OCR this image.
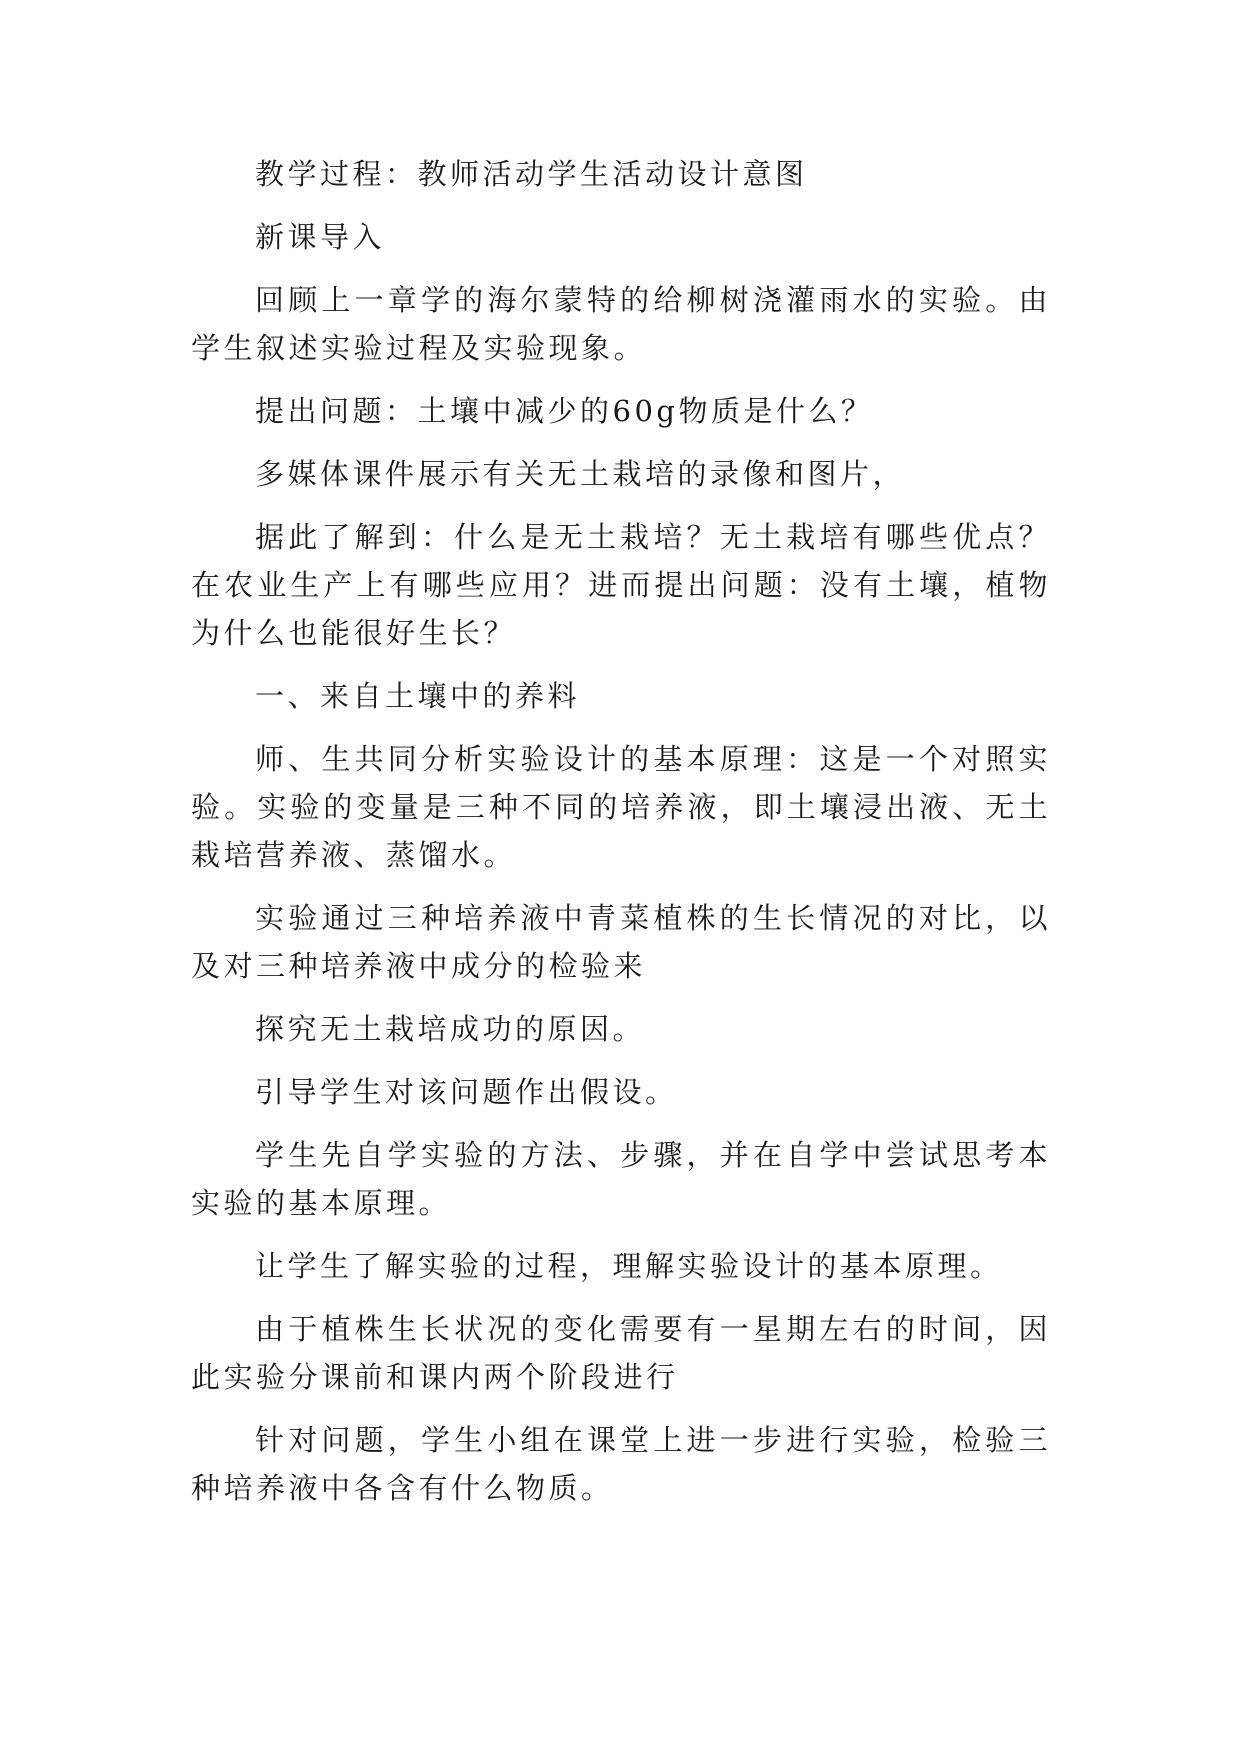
教学过程：教师活动学生活动设计意图

新课导入

回顾上一章学的海尔蒙特的给柳树浇灌雨水的实验。由学生叙述实验过程及实验现象。

提出问题：土壤中减少的60g物质是什么？

多媒体课件展示有关无土栽培的录像和图片，

据此了解到：什么是无土栽培？无土栽培有哪些优点？在农业生产上有哪些应用？进而提出问题：没有土壤，植物为什么也能很好生长？

一、来自土壤中的养料

师、生共同分析实验设计的基本原理：这是一个对照实验。实验的变量是三种不同的培养液，即土壤浸出液、无土栽培营养液、蒸馏水。

实验通过三种培养液中青菜植株的生长情况的对比，以及对三种培养液中成分的检验来

探究无土栽培成功的原因。

引导学生对该问题作出假设。

学生先自学实验的方法、步骤，并在自学中尝试思考本实验的基本原理。

让学生了解实验的过程，理解实验设计的基本原理。

由于植株生长状况的变化需要有一星期左右的时间，因此实验分课前和课内两个阶段进行

针对问题，学生小组在课堂上进一步进行实验，检验三种培养液中各含有什么物质。
